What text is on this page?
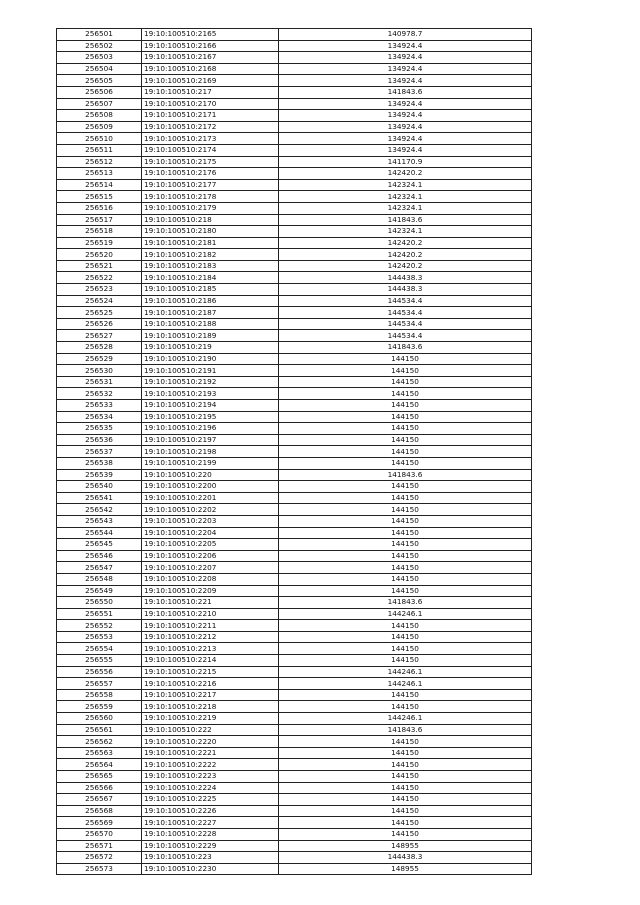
256501	19:10:100510:2165	140978.7
256502	19:10:100510:2166	134924.4
256503	19:10:100510:2167	134924.4
256504	19:10:100510:2168	134924.4
256505	19:10:100510:2169	134924.4
256506	19:10:100510:217	141843.6
256507	19:10:100510:2170	134924.4
256508	19:10:100510:2171	134924.4
256509	19:10:100510:2172	134924.4
256510	19:10:100510:2173	134924.4
256511	19:10:100510:2174	134924.4
256512	19:10:100510:2175	141170.9
256513	19:10:100510:2176	142420.2
256514	19:10:100510:2177	142324.1
256515	19:10:100510:2178	142324.1
256516	19:10:100510:2179	142324.1
256517	19:10:100510:218	141843.6
256518	19:10:100510:2180	142324.1
256519	19:10:100510:2181	142420.2
256520	19:10:100510:2182	142420.2
256521	19:10:100510:2183	142420.2
256522	19:10:100510:2184	144438.3
256523	19:10:100510:2185	144438.3
256524	19:10:100510:2186	144534.4
256525	19:10:100510:2187	144534.4
256526	19:10:100510:2188	144534.4
256527	19:10:100510:2189	144534.4
256528	19:10:100510:219	141843.6
256529	19:10:100510:2190	144150
256530	19:10:100510:2191	144150
256531	19:10:100510:2192	144150
256532	19:10:100510:2193	144150
256533	19:10:100510:2194	144150
256534	19:10:100510:2195	144150
256535	19:10:100510:2196	144150
256536	19:10:100510:2197	144150
256537	19:10:100510:2198	144150
256538	19:10:100510:2199	144150
256539	19:10:100510:220	141843.6
256540	19:10:100510:2200	144150
256541	19:10:100510:2201	144150
256542	19:10:100510:2202	144150
256543	19:10:100510:2203	144150
256544	19:10:100510:2204	144150
256545	19:10:100510:2205	144150
256546	19:10:100510:2206	144150
256547	19:10:100510:2207	144150
256548	19:10:100510:2208	144150
256549	19:10:100510:2209	144150
256550	19:10:100510:221	141843.6
256551	19:10:100510:2210	144246.1
256552	19:10:100510:2211	144150
256553	19:10:100510:2212	144150
256554	19:10:100510:2213	144150
256555	19:10:100510:2214	144150
256556	19:10:100510:2215	144246.1
256557	19:10:100510:2216	144246.1
256558	19:10:100510:2217	144150
256559	19:10:100510:2218	144150
256560	19:10:100510:2219	144246.1
256561	19:10:100510:222	141843.6
256562	19:10:100510:2220	144150
256563	19:10:100510:2221	144150
256564	19:10:100510:2222	144150
256565	19:10:100510:2223	144150
256566	19:10:100510:2224	144150
256567	19:10:100510:2225	144150
256568	19:10:100510:2226	144150
256569	19:10:100510:2227	144150
256570	19:10:100510:2228	144150
256571	19:10:100510:2229	148955
256572	19:10:100510:223	144438.3
256573	19:10:100510:2230	148955
